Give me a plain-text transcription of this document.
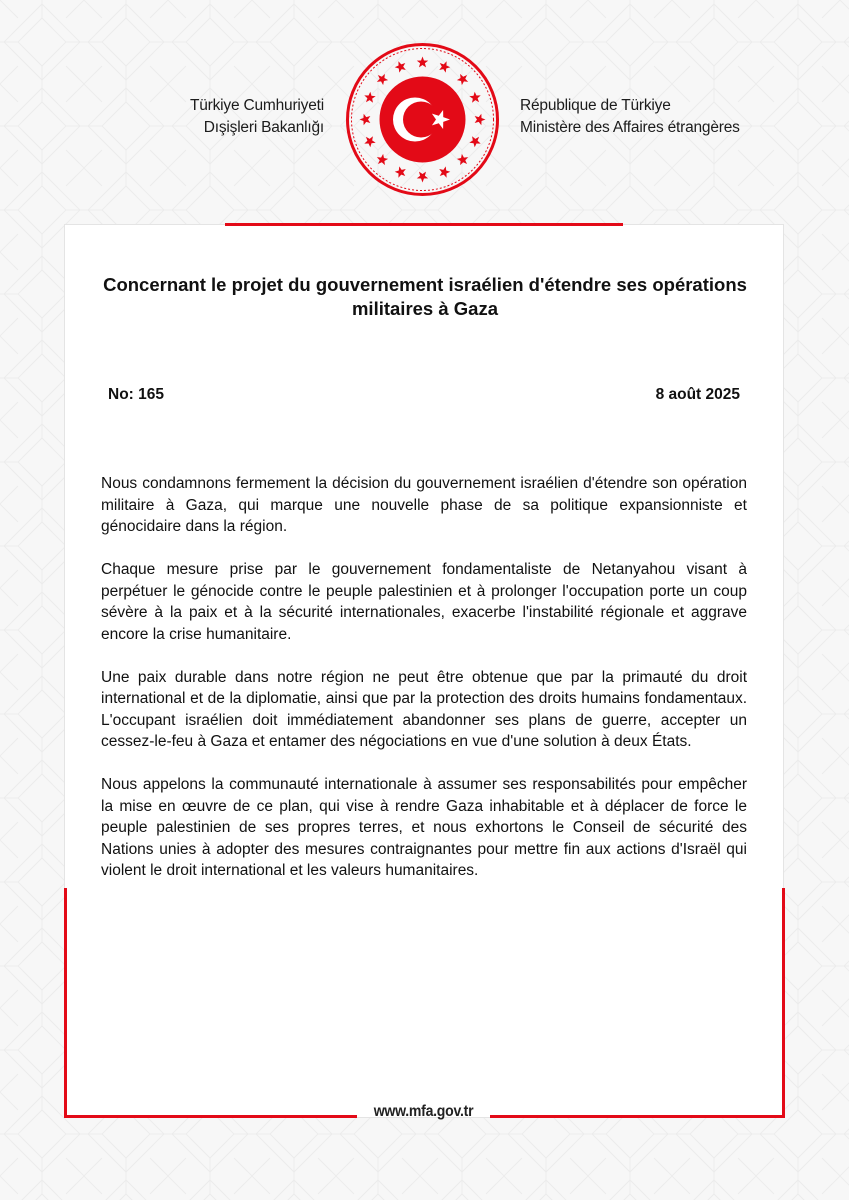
Türkiye Cumhuriyeti
Dışişleri Bakanlığı
République de Türkiye
Ministère des Affaires étrangères
Concernant le projet du gouvernement israélien d'étendre ses opérations militaires à Gaza
No: 165	8 août 2025

Nous condamnons fermement la décision du gouvernement israélien d'étendre son opération militaire à Gaza, qui marque une nouvelle phase de sa politique expansionniste et génocidaire dans la région.

Chaque mesure prise par le gouvernement fondamentaliste de Netanyahou visant à perpétuer le génocide contre le peuple palestinien et à prolonger l'occupation porte un coup sévère à la paix et à la sécurité internationales, exacerbe l'instabilité régionale et aggrave encore la crise humanitaire.

Une paix durable dans notre région ne peut être obtenue que par la primauté du droit international et de la diplomatie, ainsi que par la protection des droits humains fondamentaux. L'occupant israélien doit immédiatement abandonner ses plans de guerre, accepter un cessez-le-feu à Gaza et entamer des négociations en vue d'une solution à deux États.

Nous appelons la communauté internationale à assumer ses responsabilités pour empêcher la mise en œuvre de ce plan, qui vise à rendre Gaza inhabitable et à déplacer de force le peuple palestinien de ses propres terres, et nous exhortons le Conseil de sécurité des Nations unies à adopter des mesures contraignantes pour mettre fin aux actions d'Israël qui violent le droit international et les valeurs humanitaires.

www.mfa.gov.tr
